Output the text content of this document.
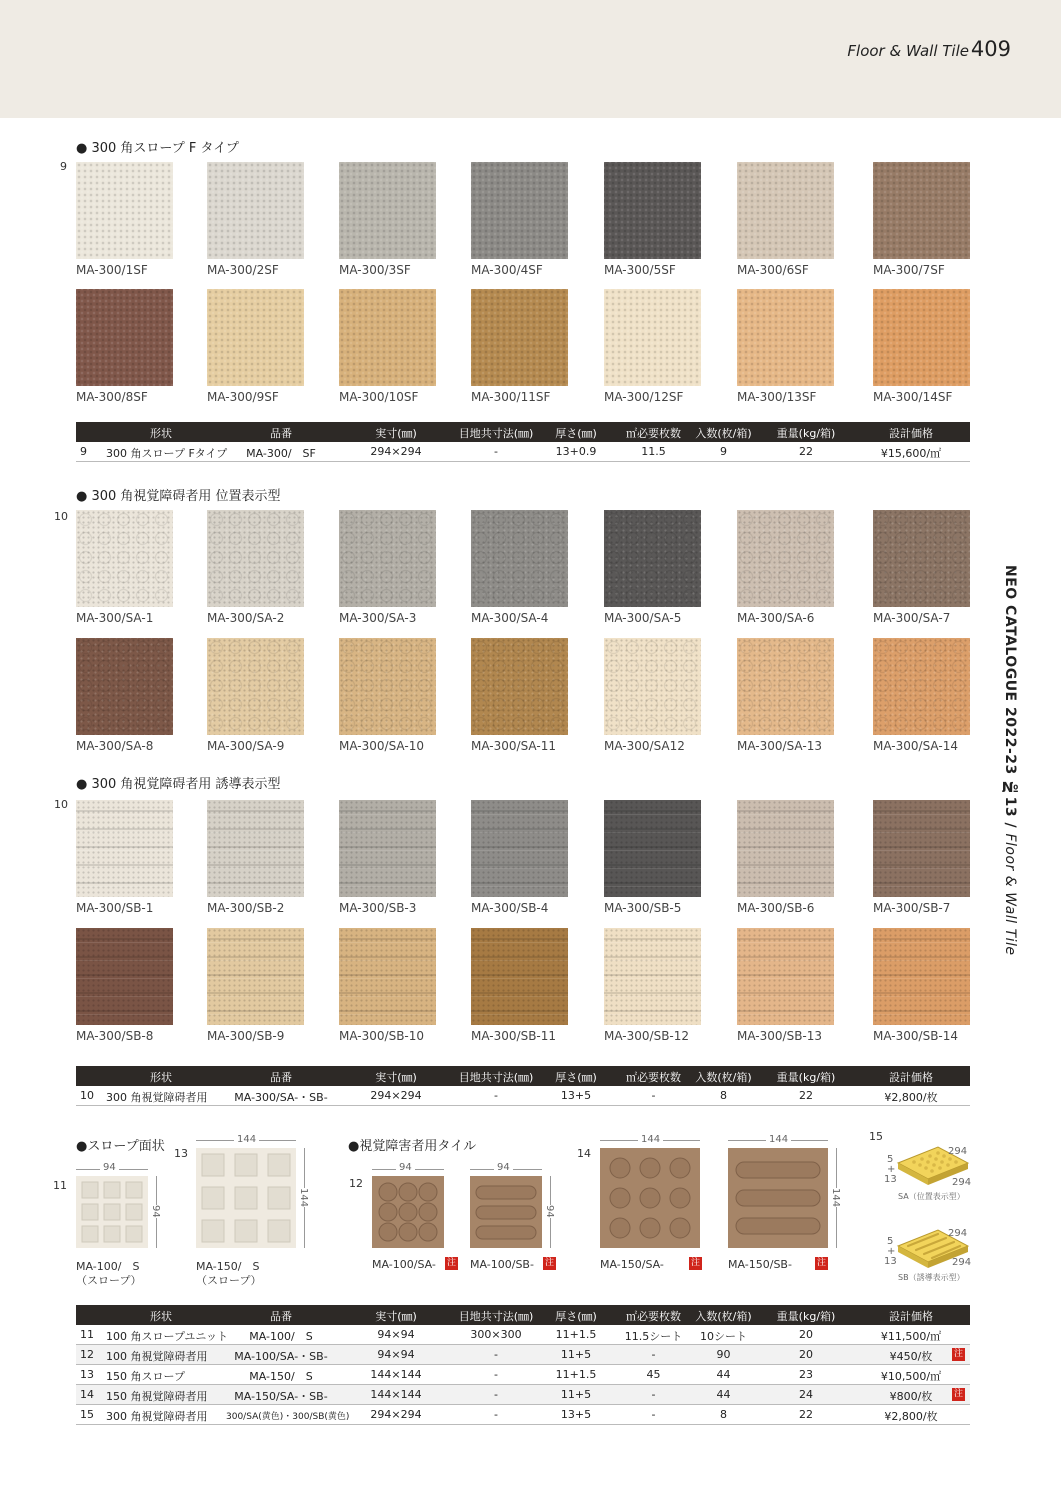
Floor & Wall Tile 409
NEO CATALOGUE 2022-23 №13 / Floor & Wall Tile
● 300 角スロープ F タイプ
9
MA-300/1SF	MA-300/2SF	MA-300/3SF	MA-300/4SF	MA-300/5SF	MA-300/6SF	MA-300/7SF
MA-300/8SF	MA-300/9SF	MA-300/10SF	MA-300/11SF	MA-300/12SF	MA-300/13SF	MA-300/14SF
形状	品番	実寸(㎜)	目地共寸法(㎜)	厚さ(㎜)	㎡必要枚数	入数(枚/箱)	重量(kg/箱)	設計価格
9	300 角スロープ Fタイプ	MA-300/　SF	294×294	-	13+0.9	11.5	9	22	¥15,600/㎡
● 300 角視覚障碍者用 位置表示型
10
MA-300/SA-1	MA-300/SA-2	MA-300/SA-3	MA-300/SA-4	MA-300/SA-5	MA-300/SA-6	MA-300/SA-7
MA-300/SA-8	MA-300/SA-9	MA-300/SA-10	MA-300/SA-11	MA-300/SA12	MA-300/SA-13	MA-300/SA-14
● 300 角視覚障碍者用 誘導表示型
10
MA-300/SB-1	MA-300/SB-2	MA-300/SB-3	MA-300/SB-4	MA-300/SB-5	MA-300/SB-6	MA-300/SB-7
MA-300/SB-8	MA-300/SB-9	MA-300/SB-10	MA-300/SB-11	MA-300/SB-12	MA-300/SB-13	MA-300/SB-14
形状	品番	実寸(㎜)	目地共寸法(㎜)	厚さ(㎜)	㎡必要枚数	入数(枚/箱)	重量(kg/箱)	設計価格
10	300 角視覚障碍者用	MA-300/SA-・SB-	294×294	-	13+5	-	8	22	¥2,800/枚
●スロープ面状	●視覚障害者用タイル
11
13
12
14
15
94
94
MA-100/　S
（スロープ）
144
144
MA-150/　S
（スロープ）
94	94
94
MA-100/SA- 注 MA-100/SB- 注
144	144
144
MA-150/SA-	注	MA-150/SB-	注
294
5
+
13	294
SA（位置表示型）
294
5
+
13	294
SB（誘導表示型）
形状	品番	実寸(㎜)	目地共寸法(㎜)	厚さ(㎜)	㎡必要枚数	入数(枚/箱)	重量(kg/箱)	設計価格
11	100 角スロープユニット	MA-100/　S	94×94	300×300	11+1.5	11.5シート	10シート	20	¥11,500/㎡
12	100 角視覚障碍者用	MA-100/SA-・SB-	94×94	-	11+5	-	90	20	¥450/枚	注
13	150 角スロープ	MA-150/　S	144×144	-	11+1.5	45	44	23	¥10,500/㎡
14	150 角視覚障碍者用	MA-150/SA-・SB-	144×144	-	11+5	-	44	24	¥800/枚	注
15	300 角視覚障碍者用	300/SA(黄色)・300/SB(黄色)	294×294	-	13+5	-	8	22	¥2,800/枚
